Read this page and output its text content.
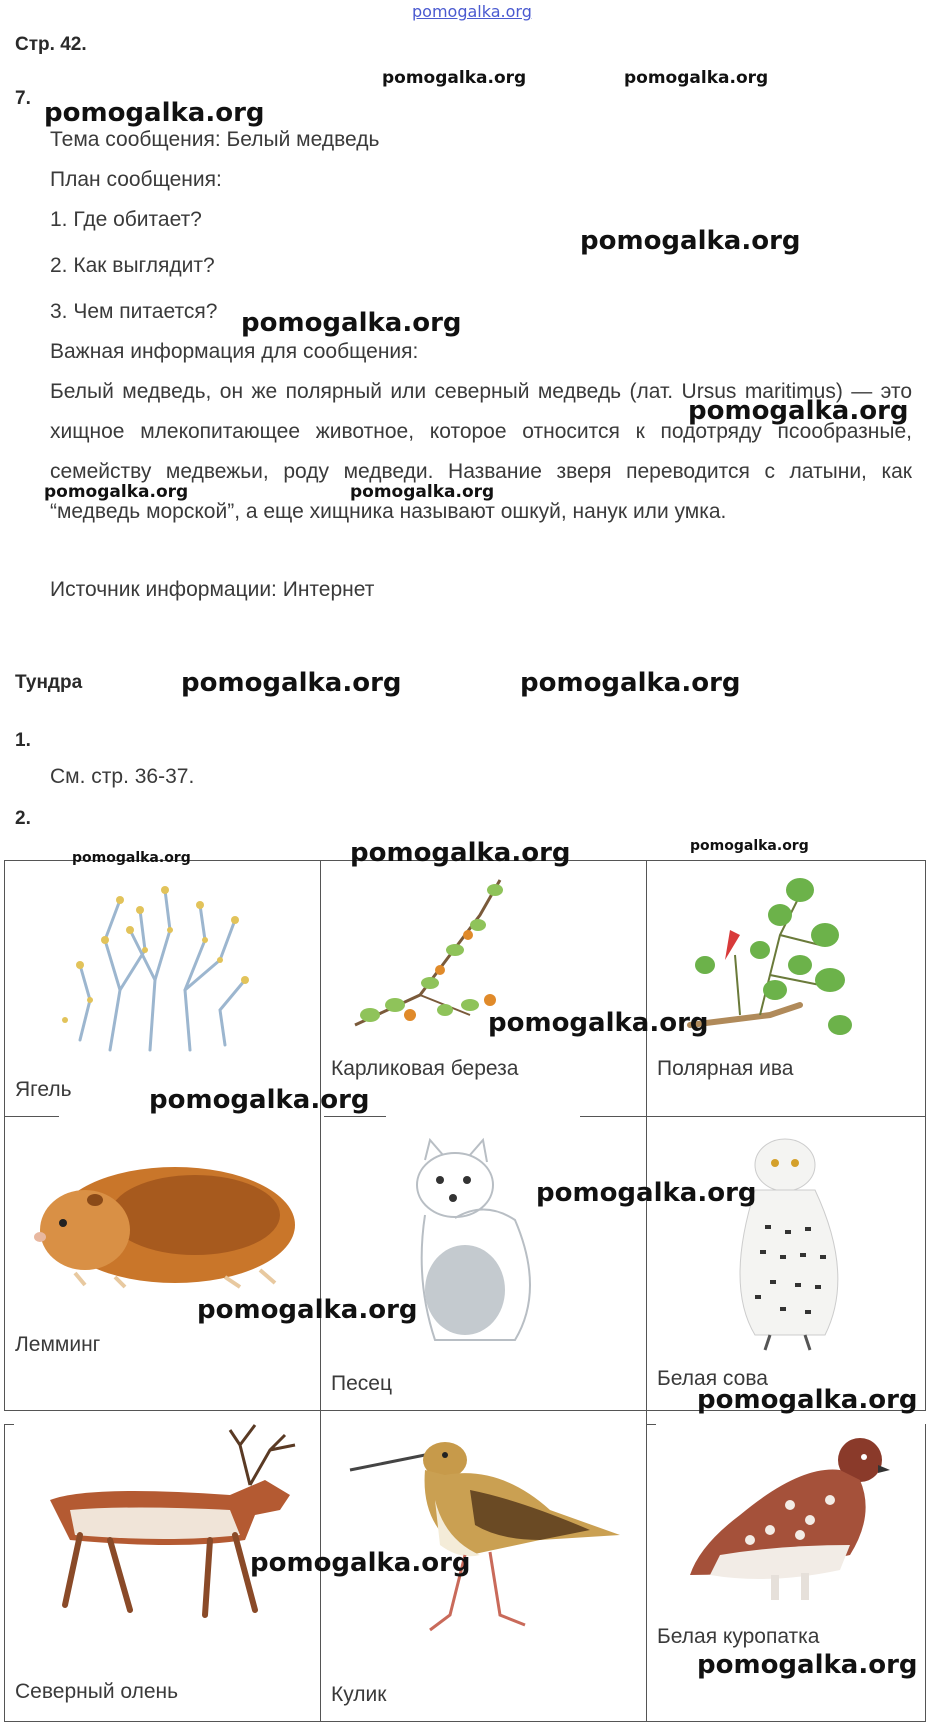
pomogalka.org
Стр. 42.
7.
Тема сообщения: Белый медведь
План сообщения:
1. Где обитает?
2. Как выглядит?
3. Чем питается?
Важная информация для сообщения:
Белый медведь, он же полярный или северный медведь (лат. Ursus maritimus) — это хищное млекопитающее животное, которое относится к подотряду псообразные, семейству медвежьи, роду медведи. Название зверя переводится с латыни, как “медведь морской”, а еще хищника называют ошкуй, нанук или умка.
Источник информации: Интернет
Тундра
1.
См. стр. 36-37.
2.
Ягель
Карликовая береза	Полярная ива
Лемминг
Песец	Белая сова
Северный олень	Кулик
Белая куропатка
pomogalka.org	pomogalka.org
pomogalka.org
pomogalka.org
pomogalka.org
pomogalka.org
pomogalka.org	pomogalka.org
pomogalka.org	pomogalka.org
pomogalka.org	pomogalka.org	pomogalka.org
pomogalka.org
pomogalka.org
pomogalka.org
pomogalka.org
pomogalka.org
pomogalka.org
pomogalka.org
